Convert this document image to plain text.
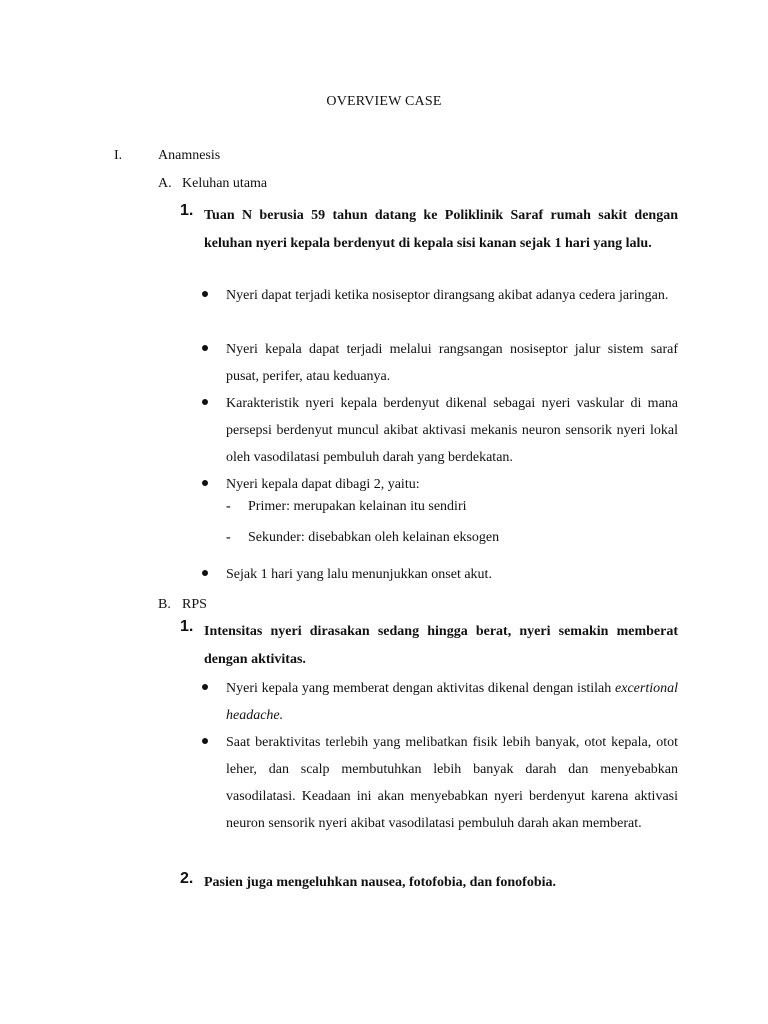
OVERVIEW CASE
I.	Anamnesis
A. Keluhan utama
1. Tuan N berusia 59 tahun datang ke Poliklinik Saraf rumah sakit dengan keluhan nyeri kepala berdenyut di kepala sisi kanan sejak 1 hari yang lalu.
Nyeri dapat terjadi ketika nosiseptor dirangsang akibat adanya cedera jaringan.
Nyeri kepala dapat terjadi melalui rangsangan nosiseptor jalur sistem saraf pusat, perifer, atau keduanya.
Karakteristik nyeri kepala berdenyut dikenal sebagai nyeri vaskular di mana persepsi berdenyut muncul akibat aktivasi mekanis neuron sensorik nyeri lokal oleh vasodilatasi pembuluh darah yang berdekatan.
Nyeri kepala dapat dibagi 2, yaitu:
- Primer: merupakan kelainan itu sendiri
- Sekunder: disebabkan oleh kelainan eksogen
Sejak 1 hari yang lalu menunjukkan onset akut.
B. RPS
1. Intensitas nyeri dirasakan sedang hingga berat, nyeri semakin memberat dengan aktivitas.
Nyeri kepala yang memberat dengan aktivitas dikenal dengan istilah excertional headache.
Saat beraktivitas terlebih yang melibatkan fisik lebih banyak, otot kepala, otot leher, dan scalp membutuhkan lebih banyak darah dan menyebabkan vasodilatasi. Keadaan ini akan menyebabkan nyeri berdenyut karena aktivasi neuron sensorik nyeri akibat vasodilatasi pembuluh darah akan memberat.
2. Pasien juga mengeluhkan nausea, fotofobia, dan fonofobia.
